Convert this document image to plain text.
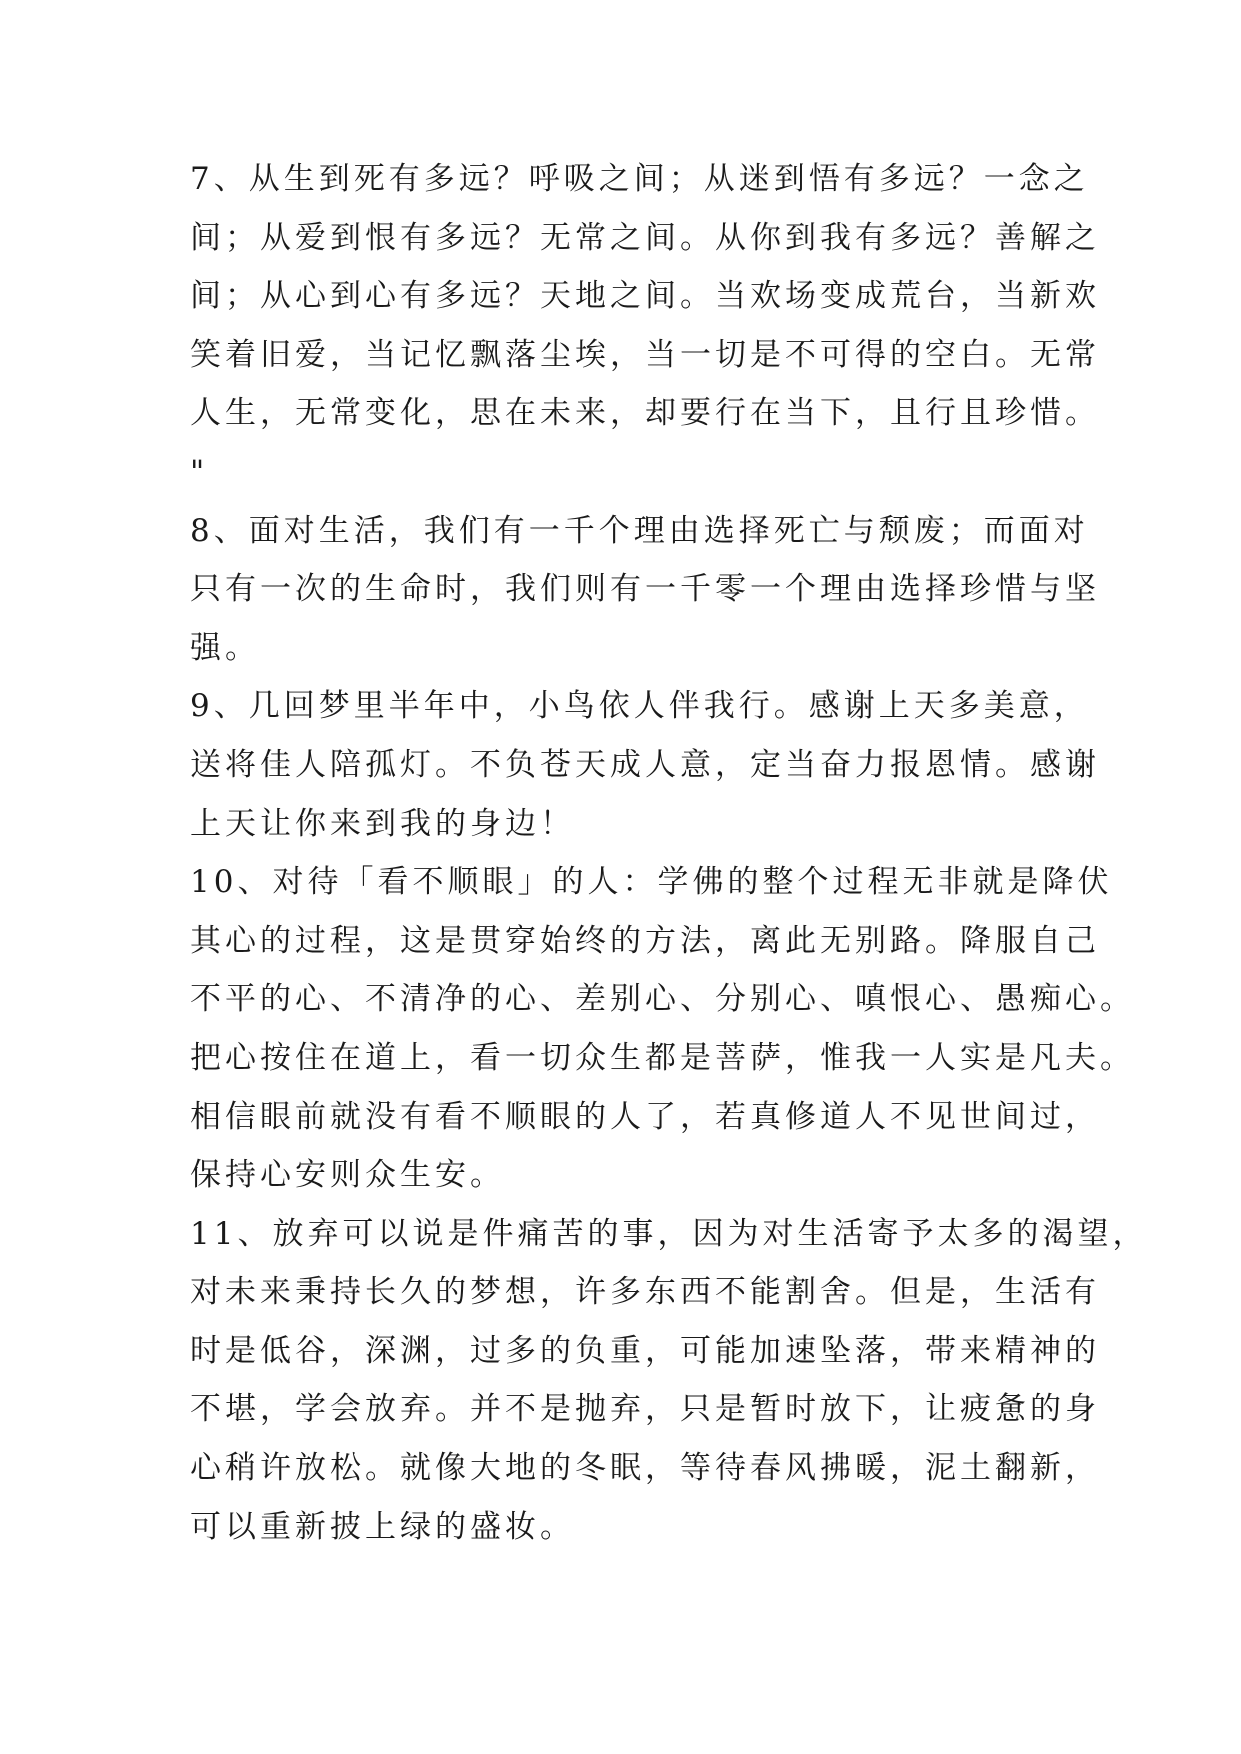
7、从生到死有多远？呼吸之间；从迷到悟有多远？一念之
间；从爱到恨有多远？无常之间。从你到我有多远？善解之
间；从心到心有多远？天地之间。当欢场变成荒台，当新欢
笑着旧爱，当记忆飘落尘埃，当一切是不可得的空白。无常
人生，无常变化，思在未来，却要行在当下，且行且珍惜。
"
8、面对生活，我们有一千个理由选择死亡与颓废；而面对
只有一次的生命时，我们则有一千零一个理由选择珍惜与坚
强。
9、几回梦里半年中，小鸟依人伴我行。感谢上天多美意，
送将佳人陪孤灯。不负苍天成人意，定当奋力报恩情。感谢
上天让你来到我的身边！
10、对待「看不顺眼」的人：学佛的整个过程无非就是降伏
其心的过程，这是贯穿始终的方法，离此无别路。降服自己
不平的心、不清净的心、差别心、分别心、嗔恨心、愚痴心。
把心按住在道上，看一切众生都是菩萨，惟我一人实是凡夫。
相信眼前就没有看不顺眼的人了，若真修道人不见世间过，
保持心安则众生安。
11、放弃可以说是件痛苦的事，因为对生活寄予太多的渴望，
对未来秉持长久的梦想，许多东西不能割舍。但是，生活有
时是低谷，深渊，过多的负重，可能加速坠落，带来精神的
不堪，学会放弃。并不是抛弃，只是暂时放下，让疲惫的身
心稍许放松。就像大地的冬眠，等待春风拂暖，泥土翻新，
可以重新披上绿的盛妆。
